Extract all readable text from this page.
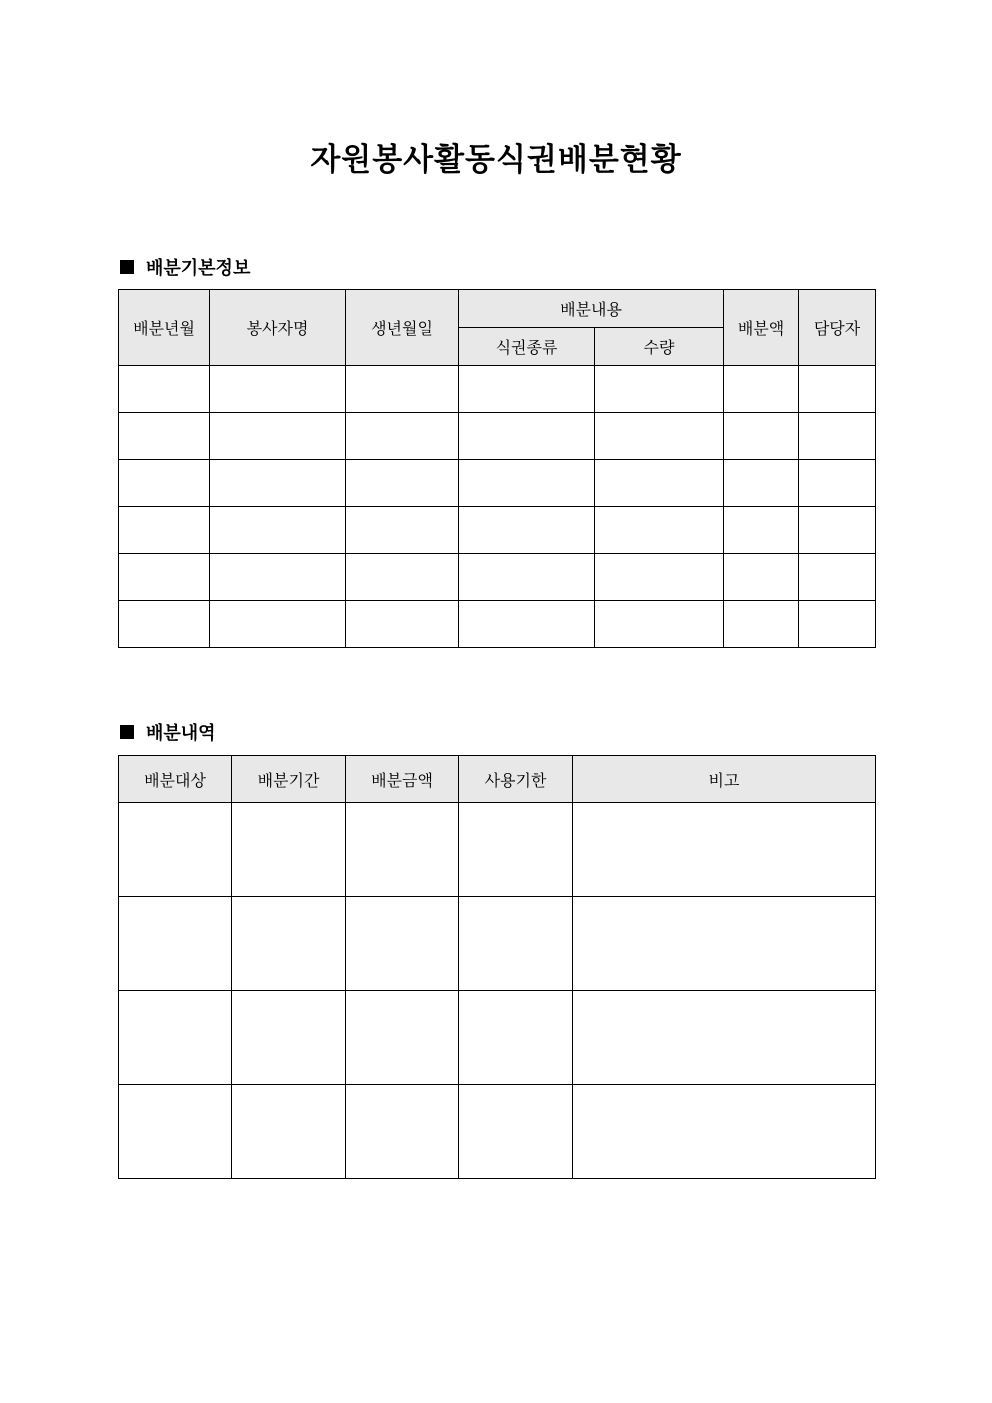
자원봉사활동식권배분현황
배분기본정보
배분년월	봉사자명	생년월일	배분내용		배분액	담당자
			식권종류	수량		

배분내역
배분대상	배분기간	배분금액	사용기한	비고
